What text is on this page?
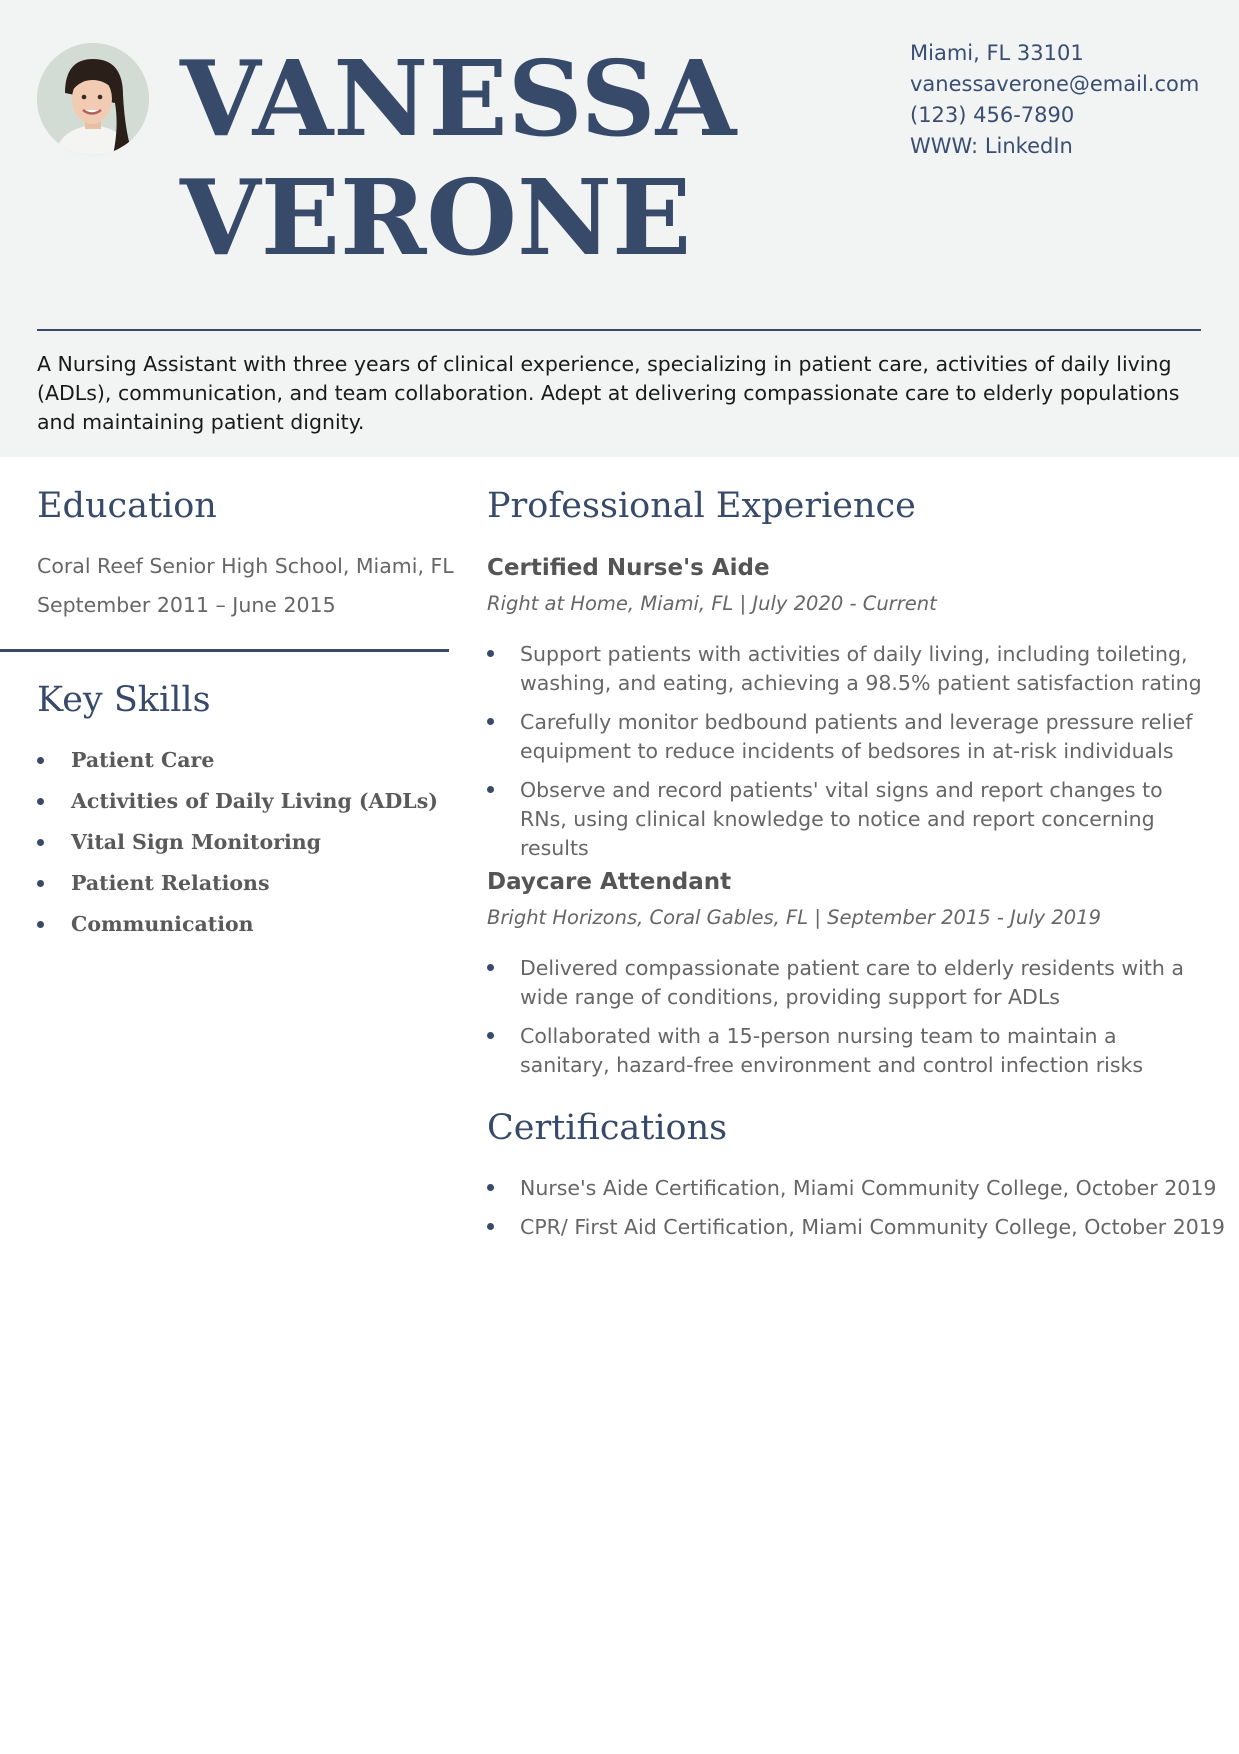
VANESSA
VERONE
Miami, FL 33101
vanessaverone@email.com
(123) 456-7890
WWW: LinkedIn

A Nursing Assistant with three years of clinical experience, specializing in patient care, activities of daily living (ADLs), communication, and team collaboration. Adept at delivering compassionate care to elderly populations and maintaining patient dignity.

Education
Coral Reef Senior High School, Miami, FL
September 2011 – June 2015
Key Skills
Patient Care
Activities of Daily Living (ADLs)
Vital Sign Monitoring
Patient Relations
Communication
Professional Experience
Certified Nurse's Aide
Right at Home, Miami, FL | July 2020 - Current
Support patients with activities of daily living, including toileting, washing, and eating, achieving a 98.5% patient satisfaction rating
Carefully monitor bedbound patients and leverage pressure relief equipment to reduce incidents of bedsores in at-risk individuals
Observe and record patients' vital signs and report changes to RNs, using clinical knowledge to notice and report concerning results
Daycare Attendant
Bright Horizons, Coral Gables, FL | September 2015 - July 2019
Delivered compassionate patient care to elderly residents with a wide range of conditions, providing support for ADLs
Collaborated with a 15-person nursing team to maintain a sanitary, hazard-free environment and control infection risks
Certifications
Nurse's Aide Certification, Miami Community College, October 2019
CPR/ First Aid Certification, Miami Community College, October 2019
